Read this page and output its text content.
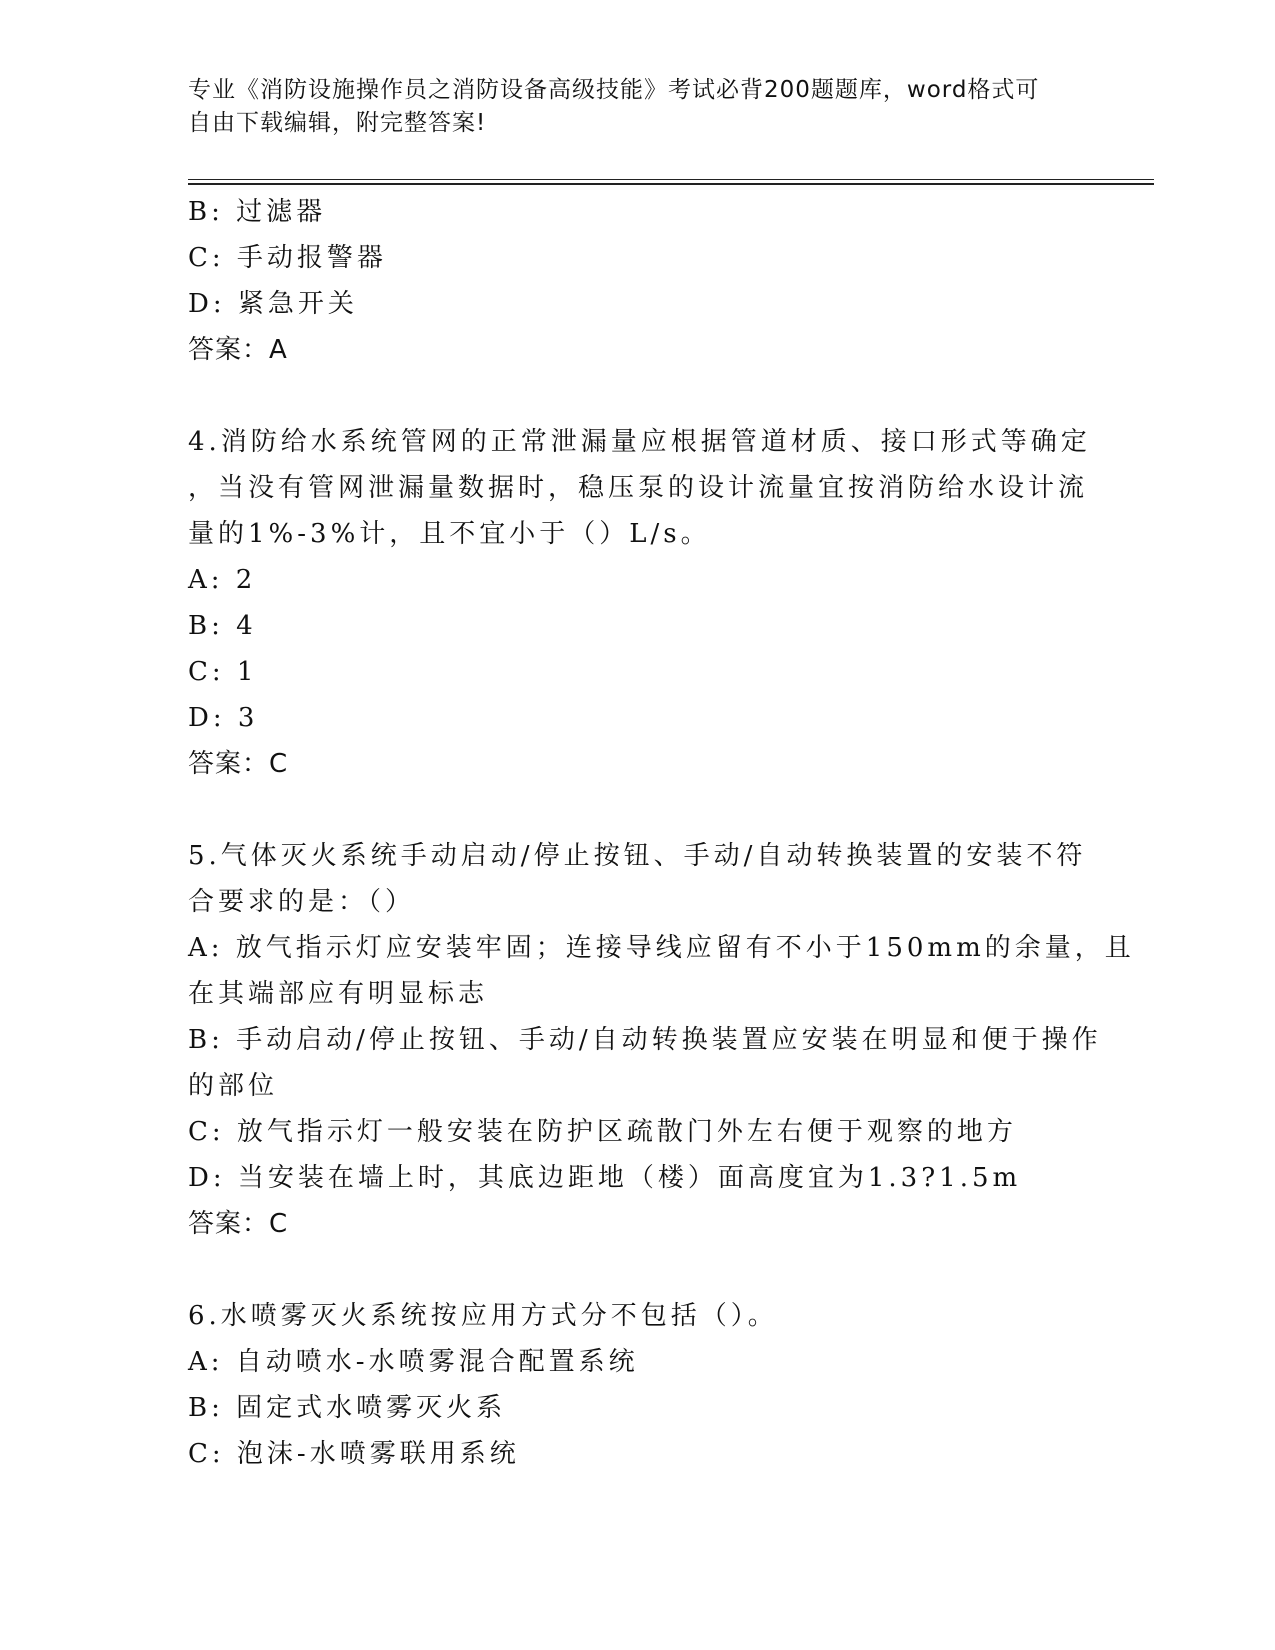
专业《消防设施操作员之消防设备高级技能》考试必背200题题库，word格式可
自由下载编辑，附完整答案!
B: 过滤器
C: 手动报警器
D: 紧急开关
答案：A
4.消防给水系统管网的正常泄漏量应根据管道材质、接口形式等确定
，当没有管网泄漏量数据时，稳压泵的设计流量宜按消防给水设计流
量的1%-3%计，且不宜小于（）L/s。
A: 2
B: 4
C: 1
D: 3
答案：C
5.气体灭火系统手动启动/停止按钮、手动/自动转换装置的安装不符
合要求的是：（）
A: 放气指示灯应安装牢固；连接导线应留有不小于150mm的余量，且
在其端部应有明显标志
B: 手动启动/停止按钮、手动/自动转换装置应安装在明显和便于操作
的部位
C: 放气指示灯一般安装在防护区疏散门外左右便于观察的地方
D: 当安装在墙上时，其底边距地（楼）面高度宜为1.3?1.5m
答案：C
6.水喷雾灭火系统按应用方式分不包括（）。
A: 自动喷水-水喷雾混合配置系统
B: 固定式水喷雾灭火系
C: 泡沫-水喷雾联用系统
